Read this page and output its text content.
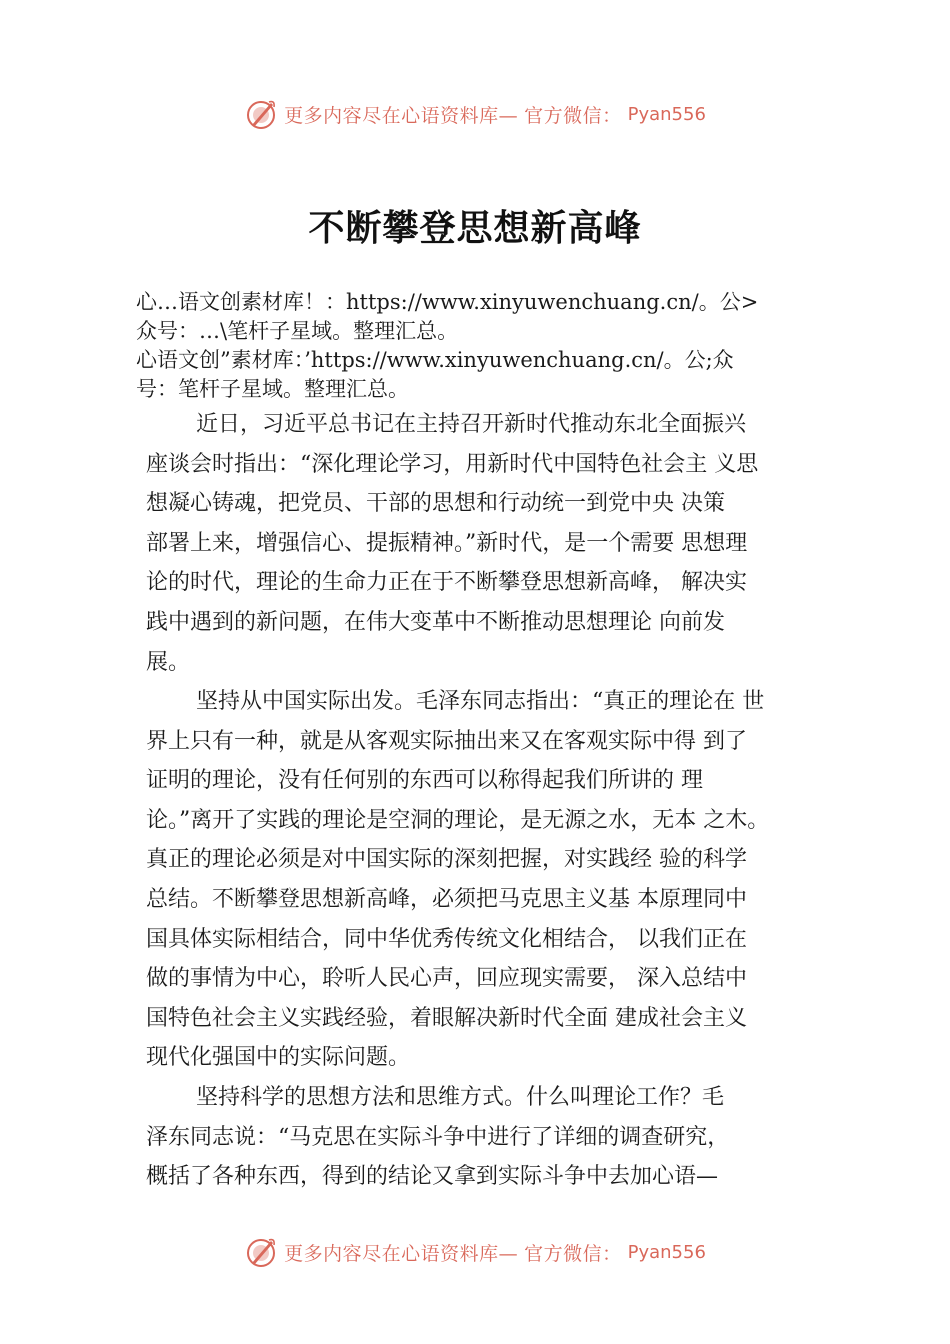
更多内容尽在心语资料库— 官方微信： Pyan556
不断攀登思想新高峰
心…语文创素材库！：https://www.xinyuwenchuang.cn/。公>
众号：…\笔杆子星域。整理汇总。
心语文创”素材库：’https://www.xinyuwenchuang.cn/。公;众
号：笔杆子星域。整理汇总。
近日，习近平总书记在主持召开新时代推动东北全面振兴
座谈会时指出：“深化理论学习，用新时代中国特色社会主 义思
想凝心铸魂，把党员、干部的思想和行动统一到党中央 决策
部署上来，增强信心、提振精神。”新时代，是一个需要 思想理
论的时代，理论的生命力正在于不断攀登思想新高峰， 解决实
践中遇到的新问题，在伟大变革中不断推动思想理论 向前发
展。
坚持从中国实际出发。毛泽东同志指出：“真正的理论在 世
界上只有一种，就是从客观实际抽出来又在客观实际中得 到了
证明的理论，没有任何别的东西可以称得起我们所讲的 理
论。”离开了实践的理论是空洞的理论，是无源之水，无本 之木。
真正的理论必须是对中国实际的深刻把握，对实践经 验的科学
总结。不断攀登思想新高峰，必须把马克思主义基 本原理同中
国具体实际相结合，同中华优秀传统文化相结合， 以我们正在
做的事情为中心，聆听人民心声，回应现实需要， 深入总结中
国特色社会主义实践经验，着眼解决新时代全面 建成社会主义
现代化强国中的实际问题。
坚持科学的思想方法和思维方式。什么叫理论工作？毛
泽东同志说：“马克思在实际斗争中进行了详细的调查研究，
概括了各种东西，得到的结论又拿到实际斗争中去加心语—
更多内容尽在心语资料库— 官方微信： Pyan556
